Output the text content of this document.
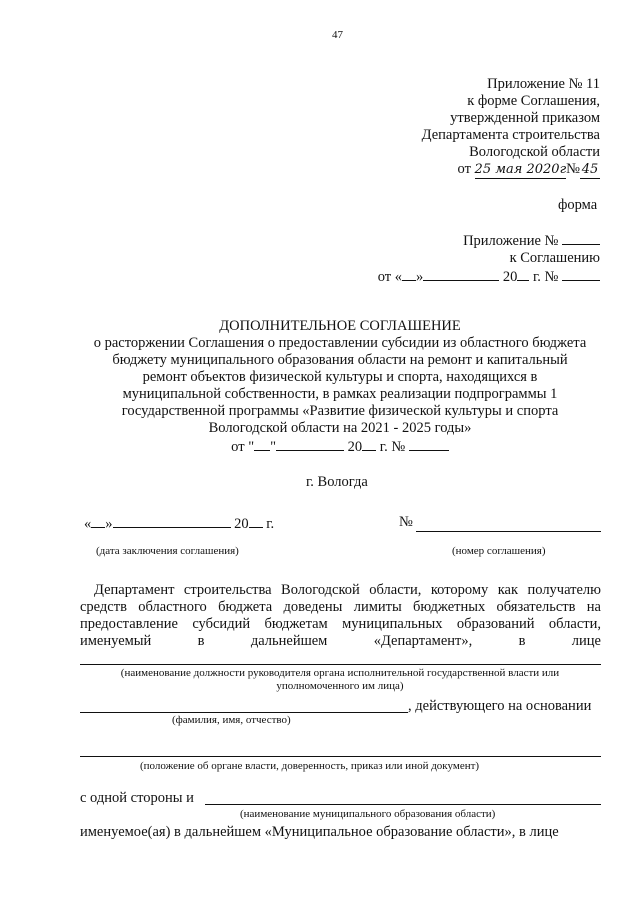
47
Приложение № 11
к форме Соглашения,
утвержденной приказом
Департамента строительства
Вологодской области
от 25 мая 2020г№ 45
форма
Приложение №
к Соглашению
от « »	20 г. №
ДОПОЛНИТЕЛЬНОЕ СОГЛАШЕНИЕ
о расторжении Соглашения о предоставлении субсидии из областного бюджета
бюджету муниципального образования области на ремонт и капитальный
ремонт объектов физической культуры и спорта, находящихся в
муниципальной собственности, в рамках реализации подпрограммы 1
государственной программы «Развитие физической культуры и спорта
Вологодской области на 2021 - 2025 годы»
от " "	20 г. №
г. Вологда
« »	20 г.	№
(дата заключения соглашения)	(номер соглашения)
Департамент строительства Вологодской области, которому как получателю
средств областного бюджета доведены лимиты бюджетных обязательств на
предоставление субсидий бюджетам муниципальных образований области,
именуемый	в	дальнейшем	«Департамент»,	в	лице
(наименование должности руководителя органа исполнительной государственной власти или
уполномоченного им лица)
, действующего на основании
(фамилия, имя, отчество)
(положение об органе власти, доверенность, приказ или иной документ)
с одной стороны и
(наименование муниципального образования области)
именуемое(ая) в дальнейшем «Муниципальное образование области», в лице
